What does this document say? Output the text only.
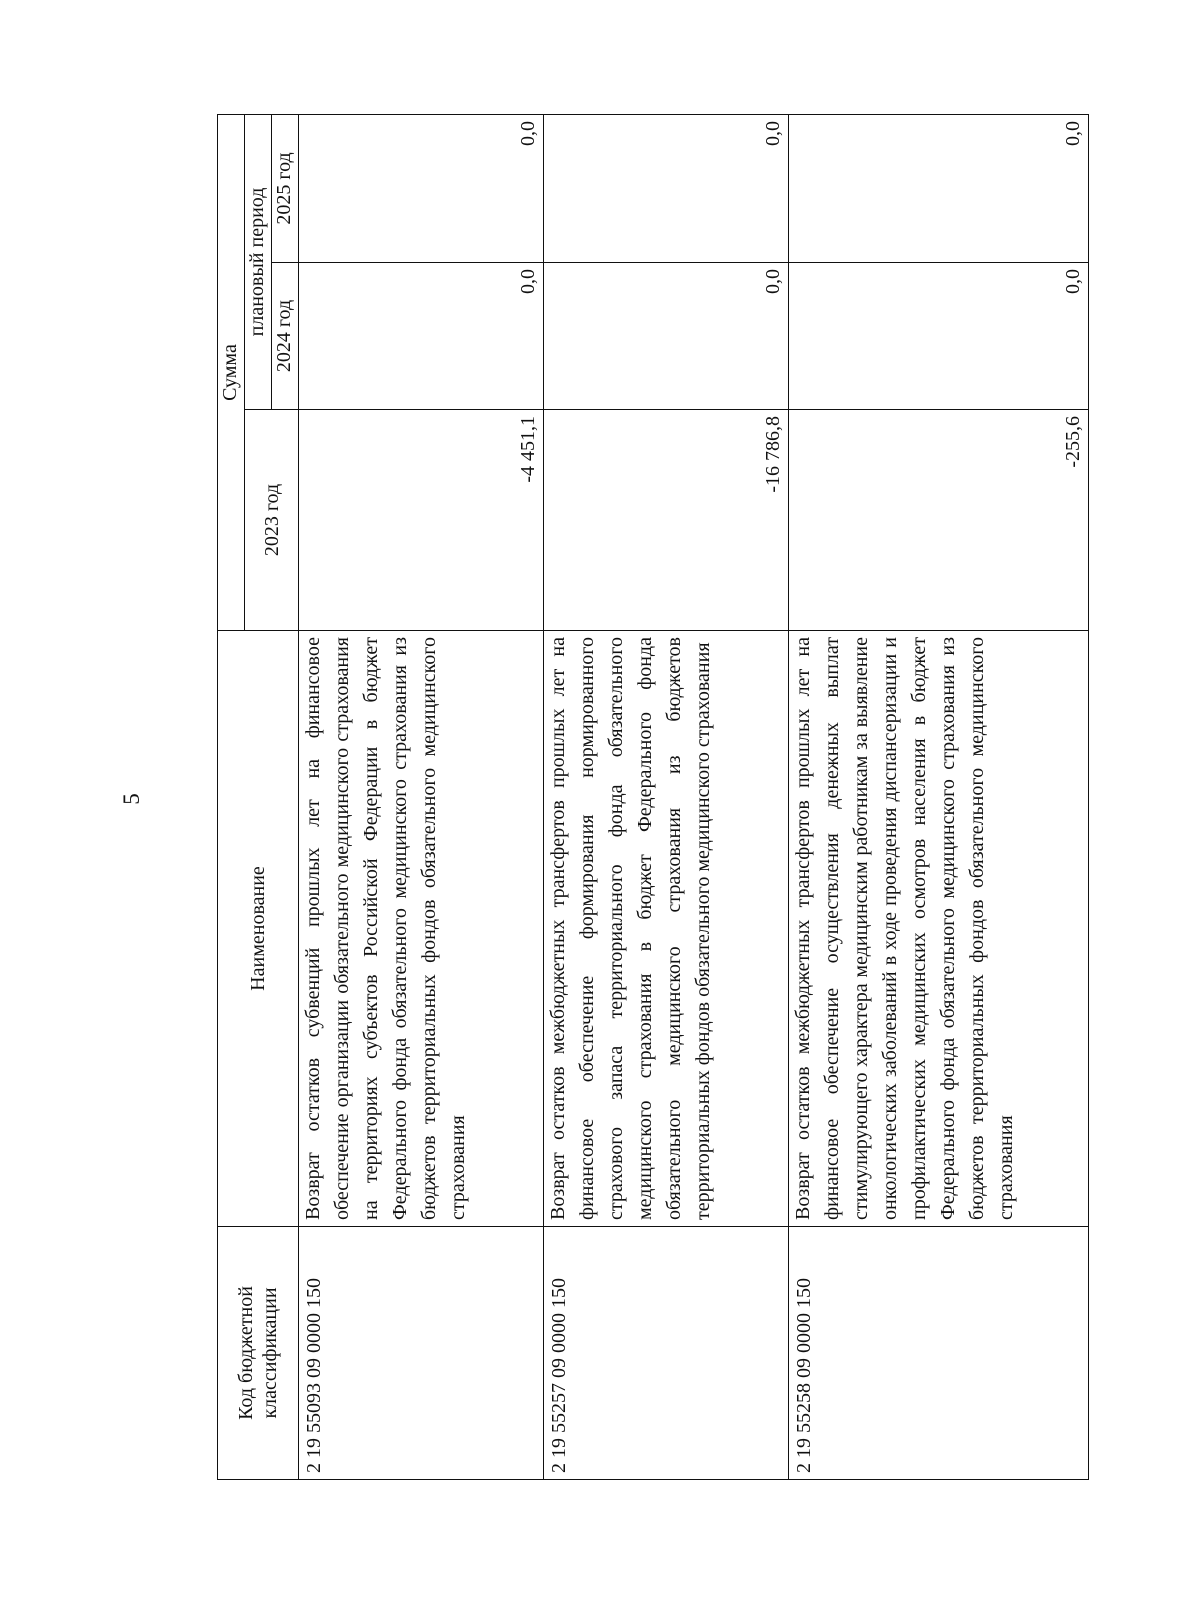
5
Код бюджетной классификации	Наименование	Сумма		
		2023 год	плановый период	
			2024 год	2025 год
2 19 55093 09 0000 150	Возврат остатков субвенций прошлых лет на финансовое обеспечение организации обязательного медицинского страхования на территориях субъектов Российской Федерации в бюджет Федерального фонда обязательного медицинского страхования из бюджетов территориальных фондов обязательного медицинского страхования	-4 451,1	0,0	0,0
2 19 55257 09 0000 150	Возврат остатков межбюджетных трансфертов прошлых лет на финансовое обеспечение формирования нормированного страхового запаса территориального фонда обязательного медицинского страхования в бюджет Федерального фонда обязательного медицинского страхования из бюджетов территориальных фондов обязательного медицинского страхования	-16 786,8	0,0	0,0
2 19 55258 09 0000 150	Возврат остатков межбюджетных трансфертов прошлых лет на финансовое обеспечение осуществления денежных выплат стимулирующего характера медицинским работникам за выявление онкологических заболеваний в ходе проведения диспансеризации и профилактических медицинских осмотров населения в бюджет Федерального фонда обязательного медицинского страхования из бюджетов территориальных фондов обязательного медицинского страхования	-255,6	0,0	0,0
